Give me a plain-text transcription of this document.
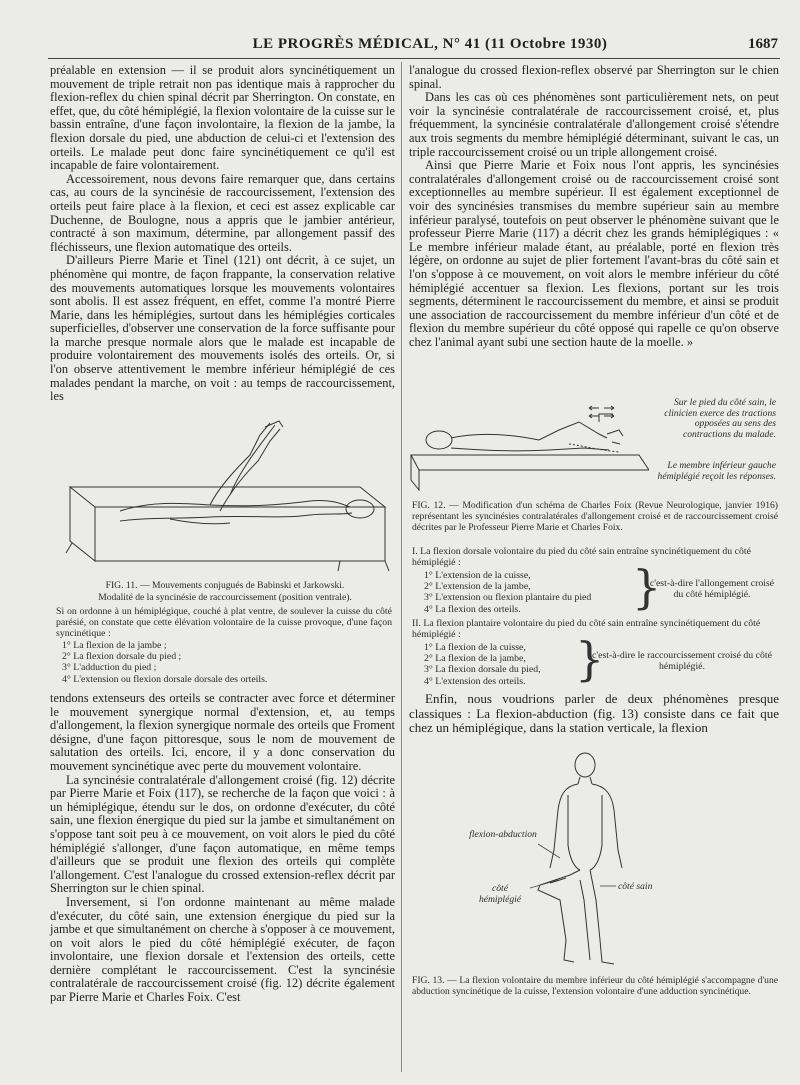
LE PROGRÈS MÉDICAL, N° 41 (11 Octobre 1930)	1687

préalable en extension — il se produit alors syncinétiquement un mouvement de triple retrait non pas identique mais à rapprocher du flexion-reflex du chien spinal décrit par Sherrington. On constate, en effet, que, du côté hémiplégié, la flexion volontaire de la cuisse sur le bassin entraîne, d'une façon involontaire, la flexion de la jambe, la flexion dorsale du pied, une abduction de celui-ci et l'extension des orteils. Le malade peut donc faire syncinétiquement ce qu'il est incapable de faire volontairement.

Accessoirement, nous devons faire remarquer que, dans certains cas, au cours de la syncinésie de raccourcissement, l'extension des orteils peut faire place à la flexion, et ceci est assez explicable car Duchenne, de Boulogne, nous a appris que le jambier antérieur, contracté à son maximum, détermine, par allongement passif des fléchisseurs, une flexion automatique des orteils.

D'ailleurs Pierre Marie et Tinel (121) ont décrit, à ce sujet, un phénomène qui montre, de façon frappante, la conservation relative des mouvements automatiques lorsque les mouvements volontaires sont abolis. Il est assez fréquent, en effet, comme l'a montré Pierre Marie, dans les hémiplégies, surtout dans les hémiplégies corticales superficielles, d'observer une conservation de la force suffisante pour la marche presque normale alors que le malade est incapable de produire volontairement des mouvements isolés des orteils. Or, si l'on observe attentivement le membre inférieur hémiplégié de ces malades pendant la marche, on voit : au temps de raccourcissement, les

FIG. 11. — Mouvements conjugués de Babinski et Jarkowski.
Modalité de la syncinésie de raccourcissement (position ventrale).
Si on ordonne à un hémiplégique, couché à plat ventre, de soulever la cuisse du côté parésié, on constate que cette élévation volontaire de la cuisse provoque, d'une façon syncinétique :
1° La flexion de la jambe ;
2° La flexion dorsale du pied ;
3° L'adduction du pied ;
4° L'extension ou flexion dorsale dorsale des orteils.

tendons extenseurs des orteils se contracter avec force et déterminer le mouvement synergique normal d'extension, et, au temps d'allongement, la flexion synergique normale des orteils que Froment désigne, d'une façon pittoresque, sous le nom de mouvement de salutation des orteils. Ici, encore, il y a donc conservation du mouvement syncinétique avec perte du mouvement volontaire.

La syncinésie contralatérale d'allongement croisé (fig. 12) décrite par Pierre Marie et Foix (117), se recherche de la façon que voici : à un hémiplégique, étendu sur le dos, on ordonne d'exécuter, du côté sain, une flexion énergique du pied sur la jambe et simultanément on s'oppose tant soit peu à ce mouvement, on voit alors le pied du côté hémiplégié s'allonger, d'une façon automatique, en même temps d'ailleurs que se produit une flexion des orteils qui complète l'allongement. C'est l'analogue du crossed extension-reflex décrit par Sherrington sur le chien spinal.

Inversement, si l'on ordonne maintenant au même malade d'exécuter, du côté sain, une extension énergique du pied sur la jambe et que simultanément on cherche à s'opposer à ce mouvement, on voit alors le pied du côté hémiplégié exécuter, de façon involontaire, une flexion dorsale et l'extension des orteils, cette dernière complétant le raccourcissement. C'est la syncinésie contralatérale de raccourcissement croisé (fig. 12) décrite également par Pierre Marie et Charles Foix. C'est

l'analogue du crossed flexion-reflex observé par Sherrington sur le chien spinal.

Dans les cas où ces phénomènes sont particulièrement nets, on peut voir la syncinésie contralatérale de raccourcissement croisé, et, plus fréquemment, la syncinésie contralatérale d'allongement croisé s'étendre aux trois segments du membre hémiplégié déterminant, suivant le cas, un triple raccourcissement croisé ou un triple allongement croisé.

Ainsi que Pierre Marie et Foix nous l'ont appris, les syncinésies contralatérales d'allongement croisé ou de raccourcissement croisé sont exceptionnelles au membre supérieur. Il est également exceptionnel de voir des syncinésies transmises du membre supérieur sain au membre inférieur paralysé, toutefois on peut observer le phénomène suivant que le professeur Pierre Marie (117) a décrit chez les grands hémiplégiques : « Le membre inférieur malade étant, au préalable, porté en flexion très légère, on ordonne au sujet de plier fortement l'avant-bras du côté sain et l'on s'oppose à ce mouvement, on voit alors le membre inférieur du côté hémiplégié accentuer sa flexion. Les flexions, portant sur les trois segments, déterminent le raccourcissement du membre, et ainsi se produit une association de raccourcissement du membre inférieur d'un côté et de flexion du membre supérieur du côté opposé qui rapelle ce qu'on observe chez l'animal ayant subi une section haute de la moelle. »

Sur le pied du côté sain, le clinicien exerce des tractions opposées au sens des contractions du malade.
Le membre inférieur gauche hémiplégié reçoit les réponses.
FIG. 12. — Modification d'un schéma de Charles Foix (Revue Neurologique, janvier 1916) représentant les syncinésies contralatérales d'allongement croisé et de raccourcissement croisé décrites par le Professeur Pierre Marie et Charles Foix.
I. La flexion dorsale volontaire du pied du côté sain entraîne syncinétiquement du côté hémiplégié :
1° L'extension de la cuisse,
2° L'extension de la jambe,
3° L'extension ou flexion plantaire du pied
4° La flexion des orteils.	}
c'est-à-dire l'allongement croisé du côté hémiplégié.
II. La flexion plantaire volontaire du pied du côté sain entraîne syncinétiquement du côté hémiplégié :
1° La flexion de la cuisse,
2° La flexion de la jambe,
3° La flexion dorsale du pied,
4° L'extension des orteils.	}
c'est-à-dire le raccourcissement croisé du côté hémiplégié.

Enfin, nous voudrions parler de deux phénomènes presque classiques : La flexion-abduction (fig. 13) consiste dans ce fait que chez un hémiplégique, dans la station verticale, la flexion

flexion-abduction
côté hémiplégié
côté sain
FIG. 13. — La flexion volontaire du membre inférieur du côté hémiplégié s'accompagne d'une abduction syncinétique de la cuisse, l'extension volontaire d'une adduction syncinétique.
